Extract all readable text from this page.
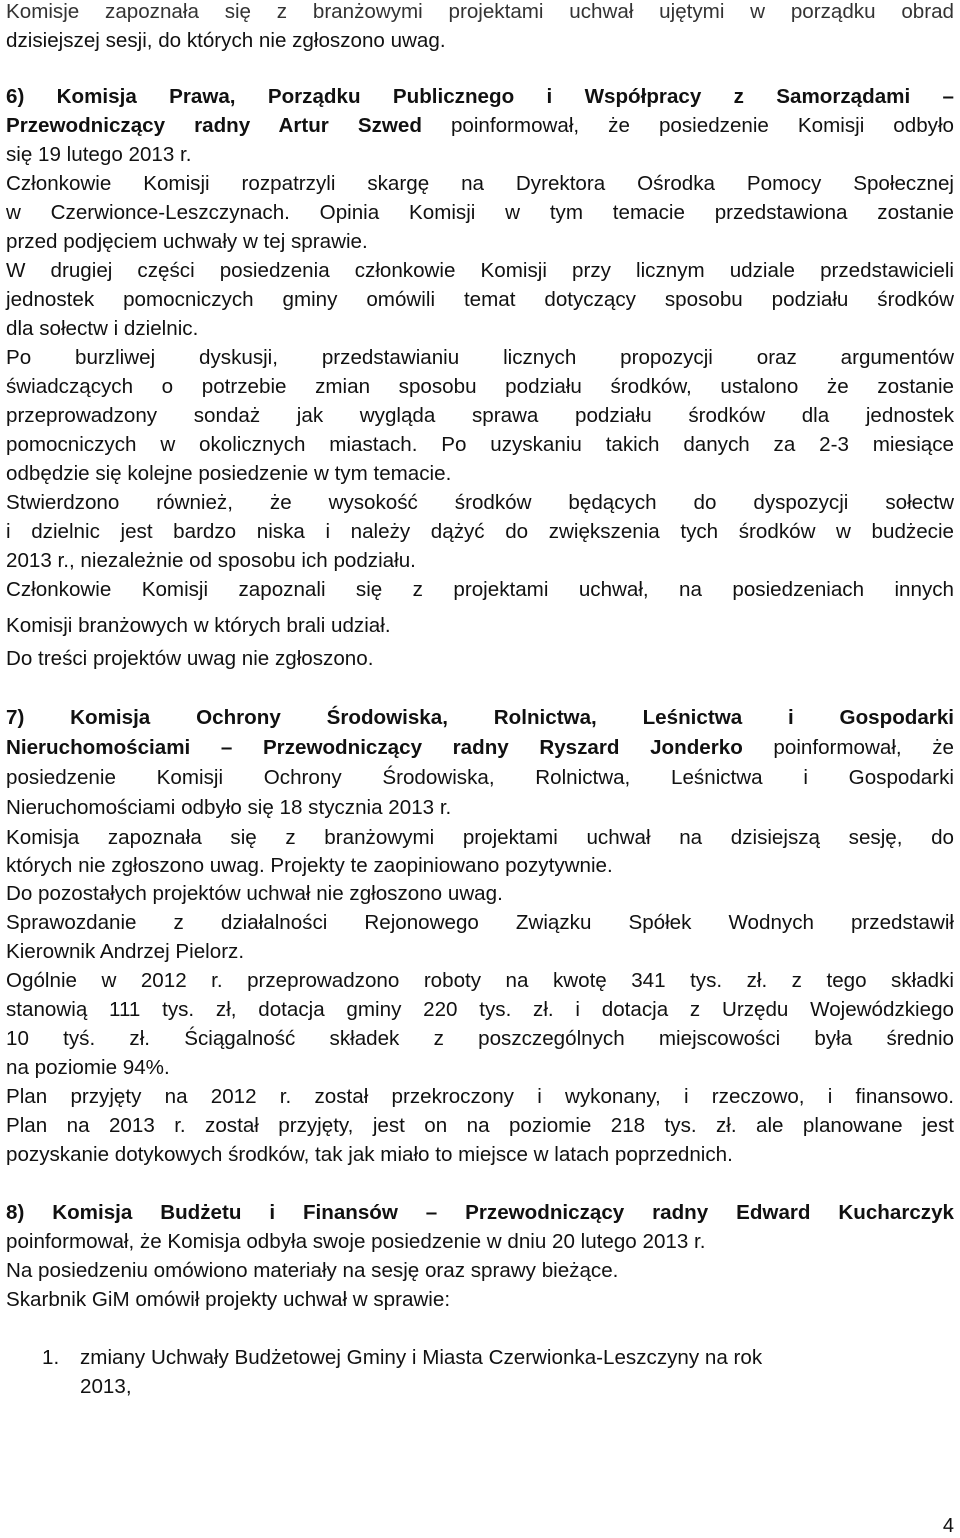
Komisje zapoznała się z branżowymi projektami uchwał ujętymi w porządku obrad
dzisiejszej sesji, do których nie zgłoszono uwag.
6) Komisja Prawa, Porządku Publicznego i Współpracy z Samorządami –
Przewodniczący radny Artur Szwed poinformował, że posiedzenie Komisji odbyło
się 19 lutego 2013 r.
Członkowie Komisji rozpatrzyli skargę na Dyrektora Ośrodka Pomocy Społecznej
w Czerwionce-Leszczynach. Opinia Komisji w tym temacie przedstawiona zostanie
przed podjęciem uchwały w tej sprawie.
W drugiej części posiedzenia członkowie Komisji przy licznym udziale przedstawicieli
jednostek pomocniczych gminy omówili temat dotyczący sposobu podziału środków
dla sołectw i dzielnic.
Po burzliwej dyskusji, przedstawianiu licznych propozycji oraz argumentów
świadczących o potrzebie zmian sposobu podziału środków, ustalono że zostanie
przeprowadzony sondaż jak wygląda sprawa podziału środków dla jednostek
pomocniczych w okolicznych miastach. Po uzyskaniu takich danych za 2-3 miesiące
odbędzie się kolejne posiedzenie w tym temacie.
Stwierdzono również, że wysokość środków będących do dyspozycji sołectw
i dzielnic jest bardzo niska i należy dążyć do zwiększenia tych środków w budżecie
2013 r., niezależnie od sposobu ich podziału.
Członkowie Komisji zapoznali się z projektami uchwał, na posiedzeniach innych
Komisji branżowych w których brali udział.
Do treści projektów uwag nie zgłoszono.
7) Komisja Ochrony Środowiska, Rolnictwa, Leśnictwa i Gospodarki
Nieruchomościami – Przewodniczący radny Ryszard Jonderko poinformował, że
posiedzenie Komisji Ochrony Środowiska, Rolnictwa, Leśnictwa i Gospodarki
Nieruchomościami odbyło się 18 stycznia 2013 r.
Komisja zapoznała się z branżowymi projektami uchwał na dzisiejszą sesję, do
których nie zgłoszono uwag. Projekty te zaopiniowano pozytywnie.
Do pozostałych projektów uchwał nie zgłoszono uwag.
Sprawozdanie z działalności Rejonowego Związku Spółek Wodnych przedstawił
Kierownik Andrzej Pielorz.
Ogólnie w 2012 r. przeprowadzono roboty na kwotę 341 tys. zł. z tego składki
stanowią 111 tys. zł, dotacja gminy 220 tys. zł. i dotacja z Urzędu Wojewódzkiego
10 tyś. zł. Ściągalność składek z poszczególnych miejscowości była średnio
na poziomie 94%.
Plan przyjęty na 2012 r. został przekroczony i wykonany, i rzeczowo, i finansowo.
Plan na 2013 r. został przyjęty, jest on na poziomie 218 tys. zł. ale planowane jest
pozyskanie dotykowych środków, tak jak miało to miejsce w latach poprzednich.
8) Komisja Budżetu i Finansów – Przewodniczący radny Edward Kucharczyk
poinformował, że Komisja odbyła swoje posiedzenie w dniu 20 lutego 2013 r.
Na posiedzeniu omówiono materiały na sesję oraz sprawy bieżące.
Skarbnik GiM omówił projekty uchwał w sprawie:
1. zmiany Uchwały Budżetowej Gminy i Miasta Czerwionka-Leszczyny na rok
2013,
4
